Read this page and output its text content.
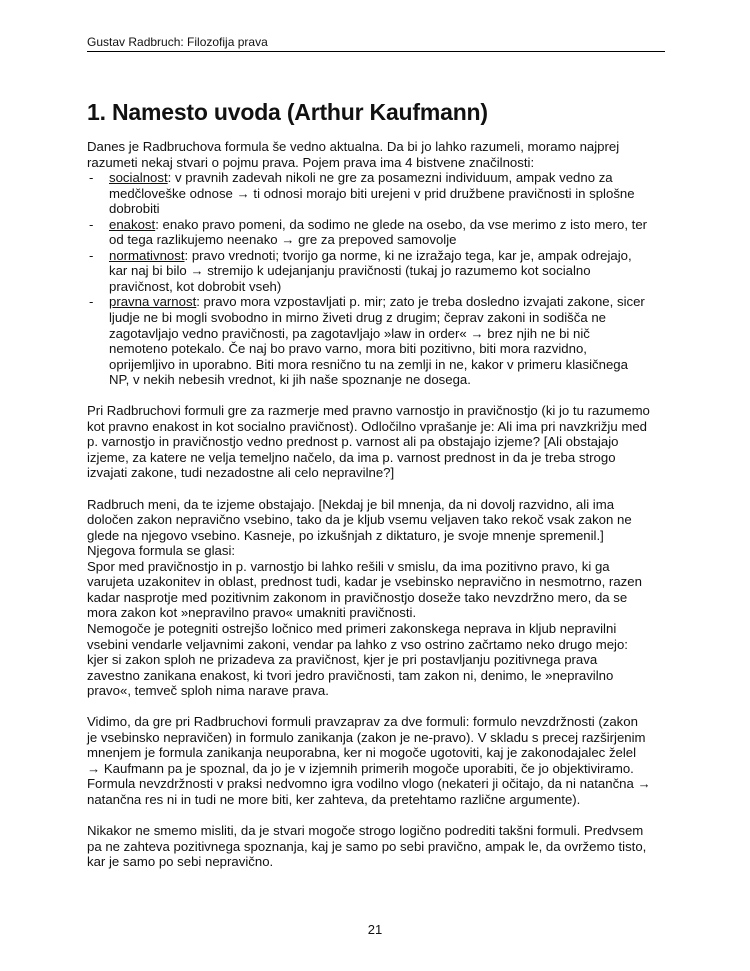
Gustav Radbruch: Filozofija prava
1. Namesto uvoda (Arthur Kaufmann)

Danes je Radbruchova formula še vedno aktualna. Da bi jo lahko razumeli, moramo najprej
razumeti nekaj stvari o pojmu prava. Pojem prava ima 4 bistvene značilnosti:

- socialnost: v pravnih zadevah nikoli ne gre za posamezni individuum, ampak vedno za
medčloveške odnose → ti odnosi morajo biti urejeni v prid družbene pravičnosti in splošne
dobrobiti
- enakost: enako pravo pomeni, da sodimo ne glede na osebo, da vse merimo z isto mero, ter
od tega razlikujemo neenako → gre za prepoved samovolje
- normativnost: pravo vrednoti; tvorijo ga norme, ki ne izražajo tega, kar je, ampak odrejajo,
kar naj bi bilo → stremijo k udejanjanju pravičnosti (tukaj jo razumemo kot socialno
pravičnost, kot dobrobit vseh)
- pravna varnost: pravo mora vzpostavljati p. mir; zato je treba dosledno izvajati zakone, sicer
ljudje ne bi mogli svobodno in mirno živeti drug z drugim; čeprav zakoni in sodišča ne
zagotavljajo vedno pravičnosti, pa zagotavljajo »law in order« → brez njih ne bi nič
nemoteno potekalo. Če naj bo pravo varno, mora biti pozitivno, biti mora razvidno,
oprijemljivo in uporabno. Biti mora resnično tu na zemlji in ne, kakor v primeru klasičnega
NP, v nekih nebesih vrednot, ki jih naše spoznanje ne dosega.

Pri Radbruchovi formuli gre za razmerje med pravno varnostjo in pravičnostjo (ki jo tu razumemo
kot pravno enakost in kot socialno pravičnost). Odločilno vprašanje je: Ali ima pri navzkrižju med
p. varnostjo in pravičnostjo vedno prednost p. varnost ali pa obstajajo izjeme? [Ali obstajajo
izjeme, za katere ne velja temeljno načelo, da ima p. varnost prednost in da je treba strogo
izvajati zakone, tudi nezadostne ali celo nepravilne?]

Radbruch meni, da te izjeme obstajajo. [Nekdaj je bil mnenja, da ni dovolj razvidno, ali ima
določen zakon nepravično vsebino, tako da je kljub vsemu veljaven tako rekoč vsak zakon ne
glede na njegovo vsebino. Kasneje, po izkušnjah z diktaturo, je svoje mnenje spremenil.]
Njegova formula se glasi:
Spor med pravičnostjo in p. varnostjo bi lahko rešili v smislu, da ima pozitivno pravo, ki ga
varujeta uzakonitev in oblast, prednost tudi, kadar je vsebinsko nepravično in nesmotrno, razen
kadar nasprotje med pozitivnim zakonom in pravičnostjo doseže tako nevzdržno mero, da se
mora zakon kot »nepravilno pravo« umakniti pravičnosti.
Nemogoče je potegniti ostrejšo ločnico med primeri zakonskega neprava in kljub nepravilni
vsebini vendarle veljavnimi zakoni, vendar pa lahko z vso ostrino začrtamo neko drugo mejo:
kjer si zakon sploh ne prizadeva za pravičnost, kjer je pri postavljanju pozitivnega prava
zavestno zanikana enakost, ki tvori jedro pravičnosti, tam zakon ni, denimo, le »nepravilno
pravo«, temveč sploh nima narave prava.

Vidimo, da gre pri Radbruchovi formuli pravzaprav za dve formuli: formulo nevzdržnosti (zakon
je vsebinsko nepravičen) in formulo zanikanja (zakon je ne-pravo). V skladu s precej razširjenim
mnenjem je formula zanikanja neuporabna, ker ni mogoče ugotoviti, kaj je zakonodajalec želel
→ Kaufmann pa je spoznal, da jo je v izjemnih primerih mogoče uporabiti, če jo objektiviramo.
Formula nevzdržnosti v praksi nedvomno igra vodilno vlogo (nekateri ji očitajo, da ni natančna →
natančna res ni in tudi ne more biti, ker zahteva, da pretehtamo različne argumente).

Nikakor ne smemo misliti, da je stvari mogoče strogo logično podrediti takšni formuli. Predvsem
pa ne zahteva pozitivnega spoznanja, kaj je samo po sebi pravično, ampak le, da ovržemo tisto,
kar je samo po sebi nepravično.

21
